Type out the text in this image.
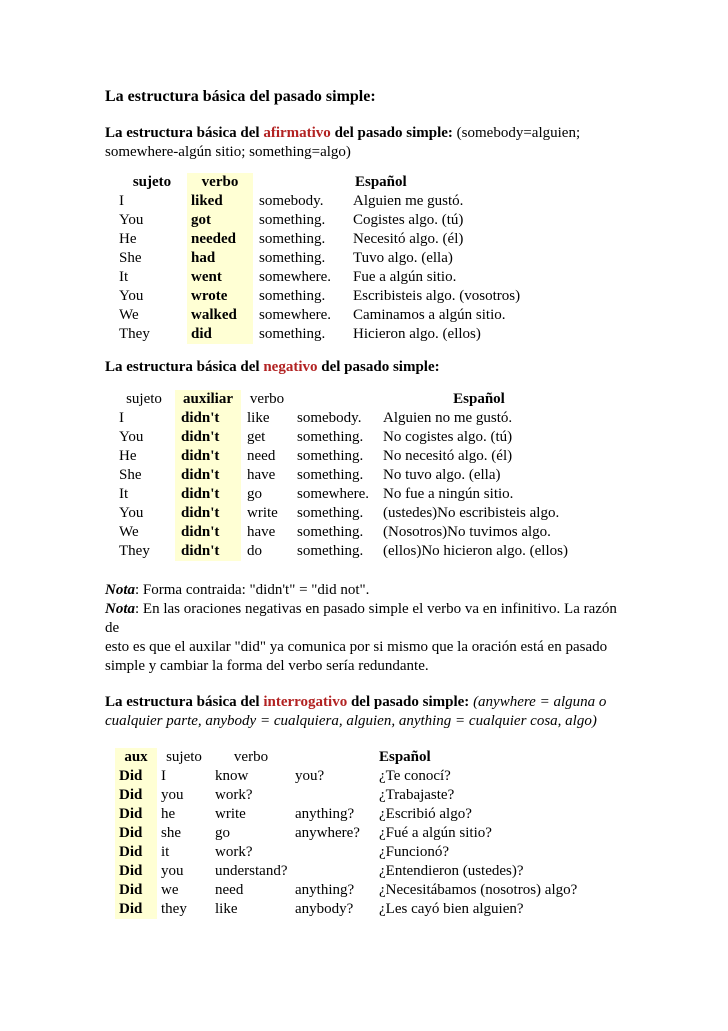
La estructura básica del pasado simple:

La estructura básica del afirmativo del pasado simple: (somebody=alguien;
somewhere-algún sitio; something=algo)

sujeto	verbo		Español
I	liked	somebody.	Alguien me gustó.
You	got	something.	Cogistes algo. (tú)
He	needed	something.	Necesitó algo. (él)
She	had	something.	Tuvo algo. (ella)
It	went	somewhere.	Fue a algún sitio.
You	wrote	something.	Escribisteis algo. (vosotros)
We	walked	somewhere.	Caminamos a algún sitio.
They	did	something.	Hicieron algo. (ellos)

La estructura básica del negativo del pasado simple:

sujeto	auxiliar	verbo		Español
I	didn't	like	somebody.	Alguien no me gustó.
You	didn't	get	something.	No cogistes algo. (tú)
He	didn't	need	something.	No necesitó algo. (él)
She	didn't	have	something.	No tuvo algo. (ella)
It	didn't	go	somewhere.	No fue a ningún sitio.
You	didn't	write	something.	(ustedes)No escribisteis algo.
We	didn't	have	something.	(Nosotros)No tuvimos algo.
They	didn't	do	something.	(ellos)No hicieron algo. (ellos)

Nota: Forma contraida: "didn't" = "did not".

Nota: En las oraciones negativas en pasado simple el verbo va en infinitivo. La razón de
esto es que el auxilar "did" ya comunica por si mismo que la oración está en pasado
simple y cambiar la forma del verbo sería redundante.

La estructura básica del interrogativo del pasado simple: (anywhere = alguna o
cualquier parte, anybody = cualquiera, alguien, anything = cualquier cosa, algo)

aux	sujeto	verbo		Español
Did	I	know	you?	¿Te conocí?
Did	you	work?		¿Trabajaste?
Did	he	write	anything?	¿Escribió algo?
Did	she	go	anywhere?	¿Fué a algún sitio?
Did	it	work?		¿Funcionó?
Did	you	understand?		¿Entendieron (ustedes)?
Did	we	need	anything?	¿Necesitábamos (nosotros) algo?
Did	they	like	anybody?	¿Les cayó bien alguien?
